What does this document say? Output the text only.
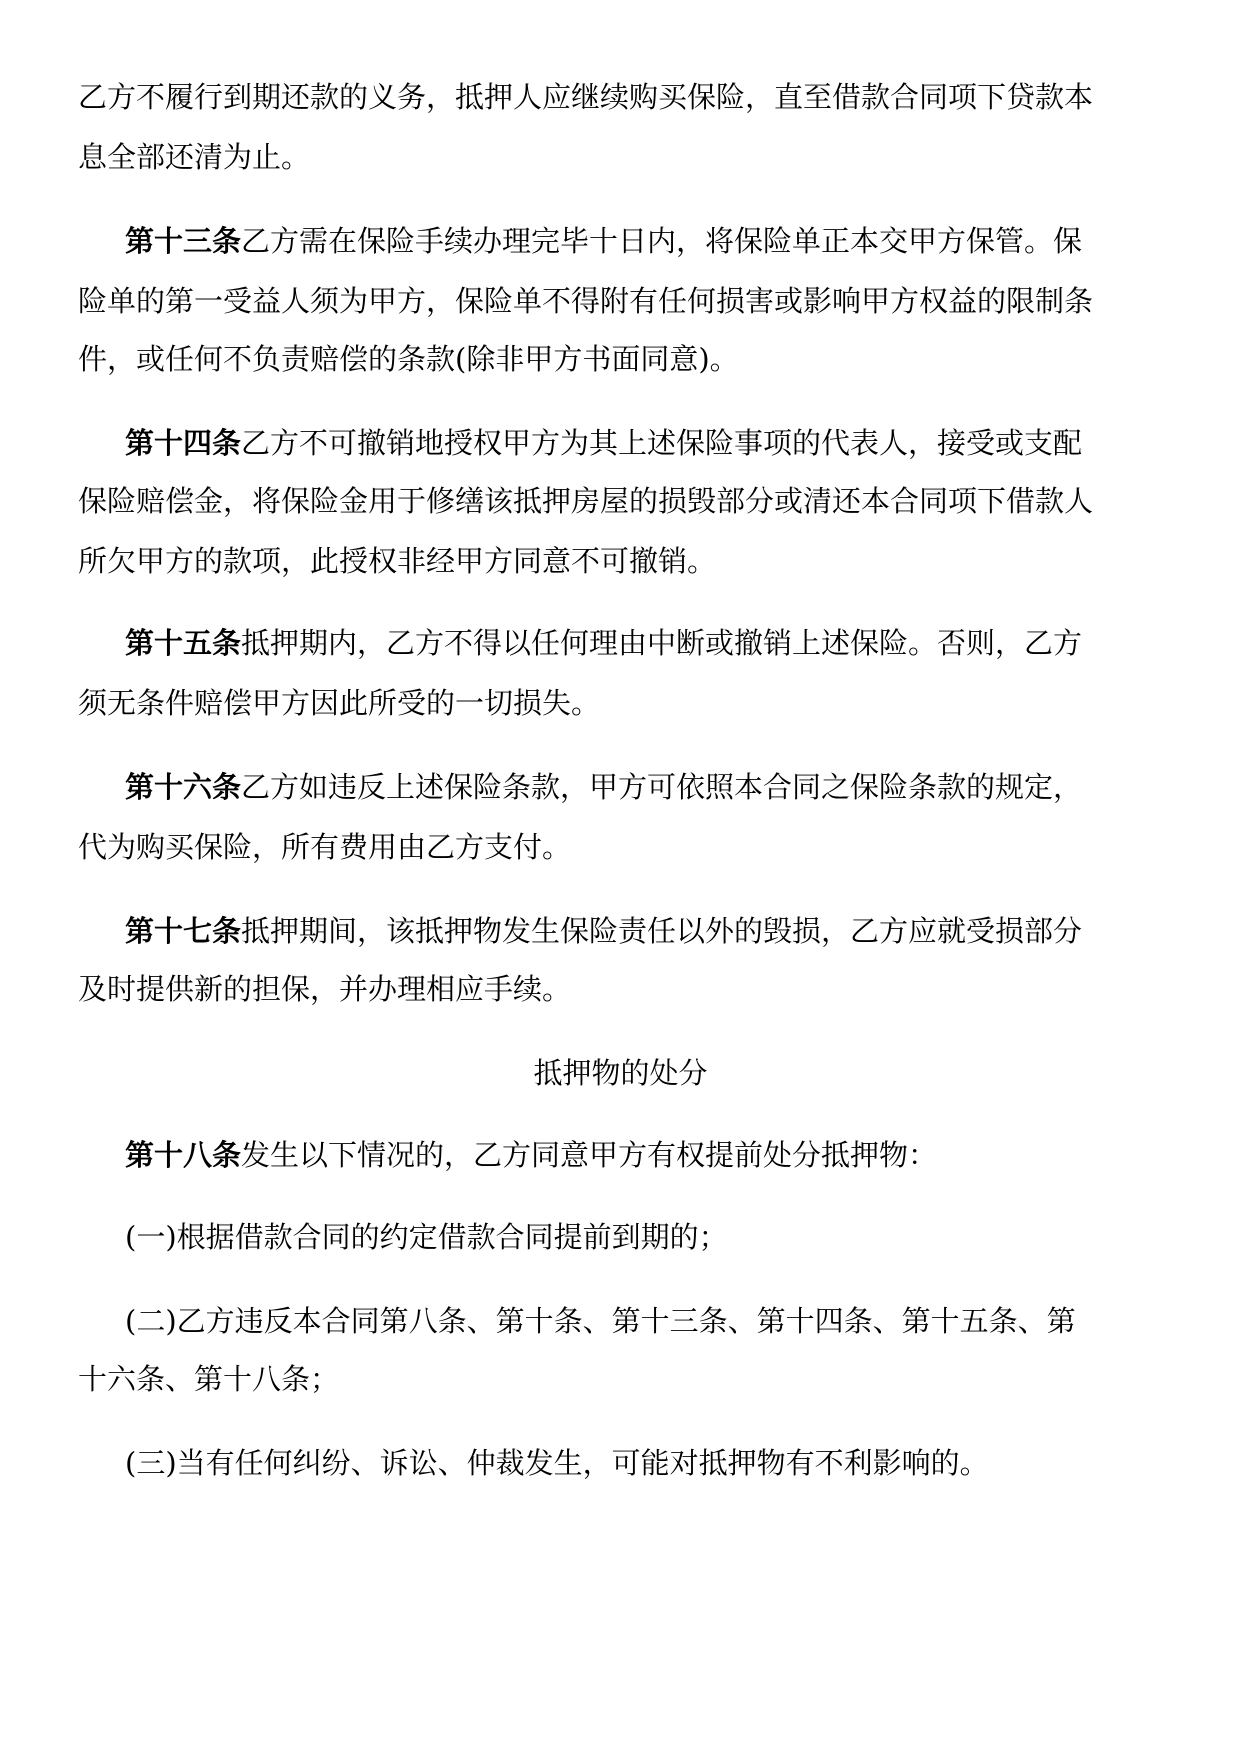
乙方不履行到期还款的义务，抵押人应继续购买保险，直至借款合同项下贷款本

息全部还清为止。

第十三条乙方需在保险手续办理完毕十日内，将保险单正本交甲方保管。保

险单的第一受益人须为甲方，保险单不得附有任何损害或影响甲方权益的限制条

件，或任何不负责赔偿的条款(除非甲方书面同意)。

第十四条乙方不可撤销地授权甲方为其上述保险事项的代表人，接受或支配

保险赔偿金，将保险金用于修缮该抵押房屋的损毁部分或清还本合同项下借款人

所欠甲方的款项，此授权非经甲方同意不可撤销。

第十五条抵押期内，乙方不得以任何理由中断或撤销上述保险。否则，乙方

须无条件赔偿甲方因此所受的一切损失。

第十六条乙方如违反上述保险条款，甲方可依照本合同之保险条款的规定，

代为购买保险，所有费用由乙方支付。

第十七条抵押期间，该抵押物发生保险责任以外的毁损，乙方应就受损部分

及时提供新的担保，并办理相应手续。

抵押物的处分

第十八条发生以下情况的，乙方同意甲方有权提前处分抵押物：

(一)根据借款合同的约定借款合同提前到期的；

(二)乙方违反本合同第八条、第十条、第十三条、第十四条、第十五条、第

十六条、第十八条；

(三)当有任何纠纷、诉讼、仲裁发生，可能对抵押物有不利影响的。
